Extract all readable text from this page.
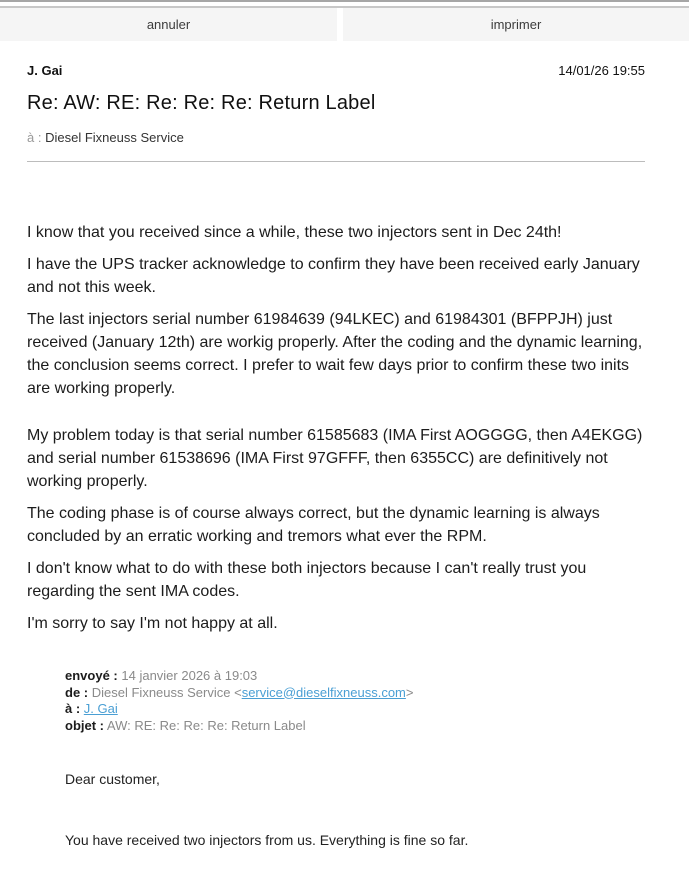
annuler	imprimer
J. Gai	14/01/26 19:55
Re: AW: RE: Re: Re: Re: Return Label
à : Diesel Fixneuss Service

I know that you received since a while, these two injectors sent in Dec 24th!

I have the UPS tracker acknowledge to confirm they have been received early January and not this week.

The last injectors serial number 61984639 (94LKEC) and 61984301 (BFPPJH) just received (January 12th) are workig properly. After the coding and the dynamic learning, the conclusion seems correct. I prefer to wait few days prior to confirm these two inits are working properly.

My problem today is that serial number 61585683 (IMA First AOGGGG, then A4EKGG) and serial number 61538696 (IMA First 97GFFF, then 6355CC) are definitively not working properly.

The coding phase is of course always correct, but the dynamic learning is always concluded by an erratic working and tremors what ever the RPM.

I don't know what to do with these both injectors because I can't really trust you regarding the sent IMA codes.

I'm sorry to say I'm not happy at all.

envoyé : 14 janvier 2026 à 19:03
de : Diesel Fixneuss Service <service@dieselfixneuss.com>
à : J. Gai
objet : AW: RE: Re: Re: Re: Return Label
Dear customer,
You have received two injectors from us. Everything is fine so far.
